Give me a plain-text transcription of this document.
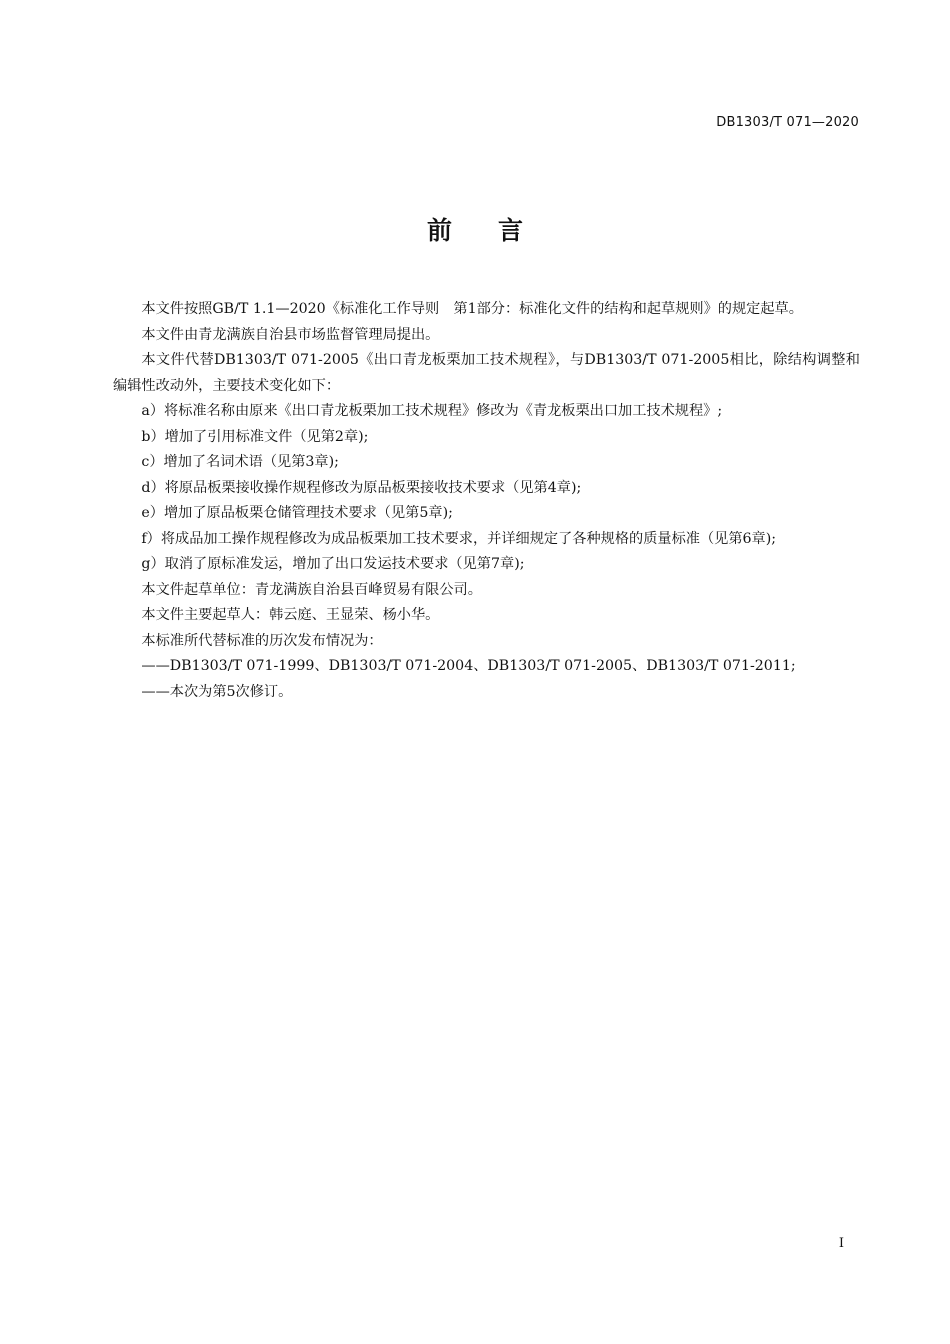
DB1303/T 071—2020
前言

本文件按照GB/T 1.1—2020《标准化工作导则　第1部分：标准化文件的结构和起草规则》的规定起草。

本文件由青龙满族自治县市场监督管理局提出。

本文件代替DB1303/T 071-2005《出口青龙板栗加工技术规程》，与DB1303/T 071-2005相比，除结构调整和编辑性改动外，主要技术变化如下：

a）将标准名称由原来《出口青龙板栗加工技术规程》修改为《青龙板栗出口加工技术规程》;

b）增加了引用标准文件（见第2章);

c）增加了名词术语（见第3章);

d）将原品板栗接收操作规程修改为原品板栗接收技术要求（见第4章);

e）增加了原品板栗仓储管理技术要求（见第5章);

f）将成品加工操作规程修改为成品板栗加工技术要求，并详细规定了各种规格的质量标准（见第6章);

g）取消了原标准发运，增加了出口发运技术要求（见第7章);

本文件起草单位：青龙满族自治县百峰贸易有限公司。

本文件主要起草人：韩云庭、王显荣、杨小华。

本标准所代替标准的历次发布情况为：

——DB1303/T 071-1999、DB1303/T 071-2004、DB1303/T 071-2005、DB1303/T 071-2011;

——本次为第5次修订。

I
